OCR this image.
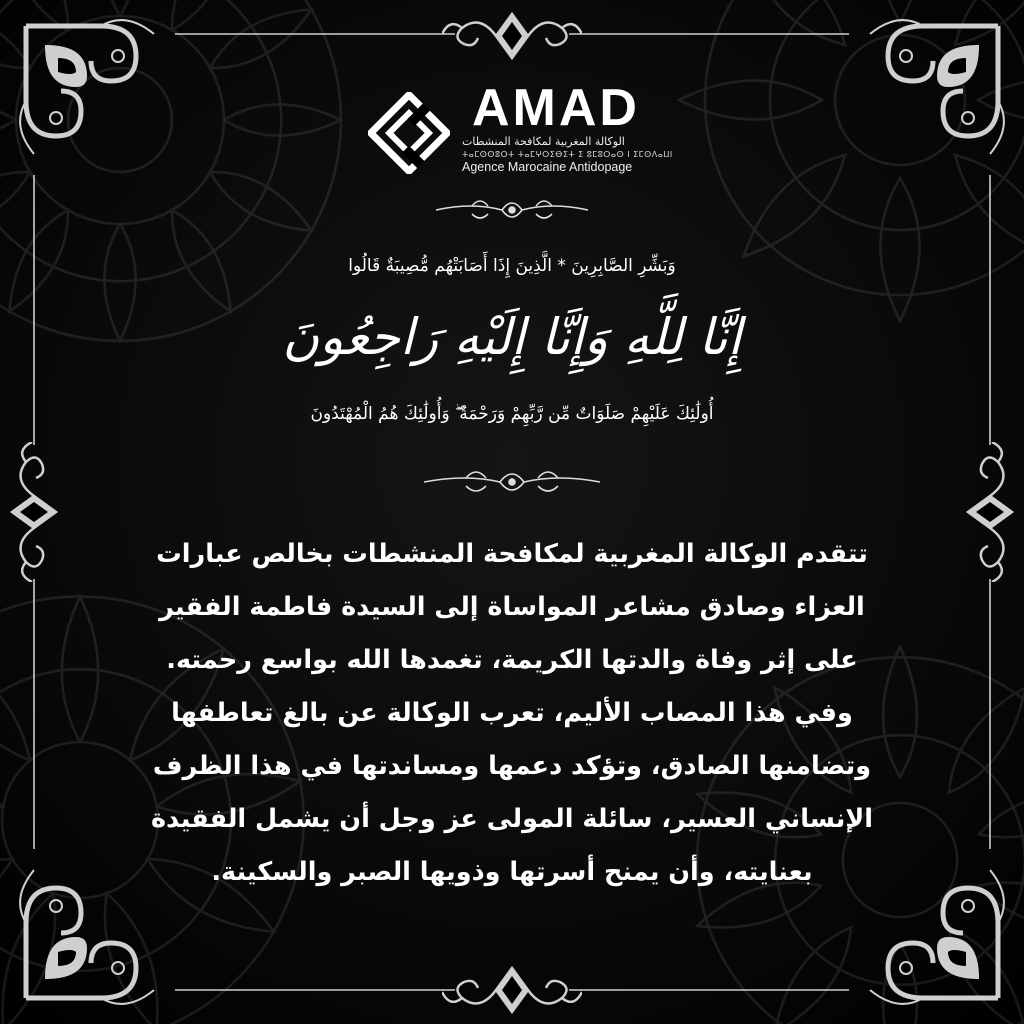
AMAD
الوكالة المغربية لمكافحة المنشطات
ⵜⴰⵎⵙⵙⵓⵔⵜ ⵜⴰⵎⵖⵔⵉⴱⵉⵜ ⵉ ⵓⵎⵓⵔⴰⵙ ⵏ ⵉⵎⵙⴷⴰⵡⵏ
Agence Marocaine Antidopage
وَبَشِّرِ الصَّابِرِينَ * الَّذِينَ إِذَا أَصَابَتْهُم مُّصِيبَةٌ قَالُوا
إِنَّا لِلَّهِ وَإِنَّا إِلَيْهِ رَاجِعُونَ
أُولَٰئِكَ عَلَيْهِمْ صَلَوَاتٌ مِّن رَّبِّهِمْ وَرَحْمَةٌ ۖ وَأُولَٰئِكَ هُمُ الْمُهْتَدُونَ
تتقدم الوكالة المغربية لمكافحة المنشطات بخالص عبارات
العزاء وصادق مشاعر المواساة إلى السيدة فاطمة الفقير
على إثر وفاة والدتها الكريمة، تغمدها الله بواسع رحمته.
وفي هذا المصاب الأليم، تعرب الوكالة عن بالغ تعاطفها
وتضامنها الصادق، وتؤكد دعمها ومساندتها في هذا الظرف
الإنساني العسير، سائلة المولى عز وجل أن يشمل الفقيدة
بعنايته، وأن يمنح أسرتها وذويها الصبر والسكينة.
